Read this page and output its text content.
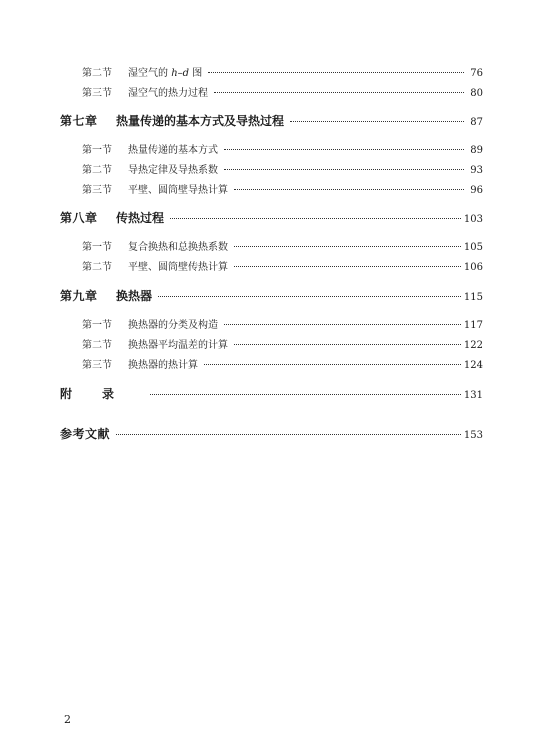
第二节	湿空气的 h–d 图	76
第三节	湿空气的热力过程	80
第七章	热量传递的基本方式及导热过程	87
第一节	热量传递的基本方式	89
第二节	导热定律及导热系数	93
第三节	平壁、圆筒壁导热计算	96
第八章	传热过程	103
第一节	复合换热和总换热系数	105
第二节	平壁、圆筒壁传热计算	106
第九章	换热器	115
第一节	换热器的分类及构造	117
第二节	换热器平均温差的计算	122
第三节	换热器的热计算	124
附录	131
参考文献	153
2
